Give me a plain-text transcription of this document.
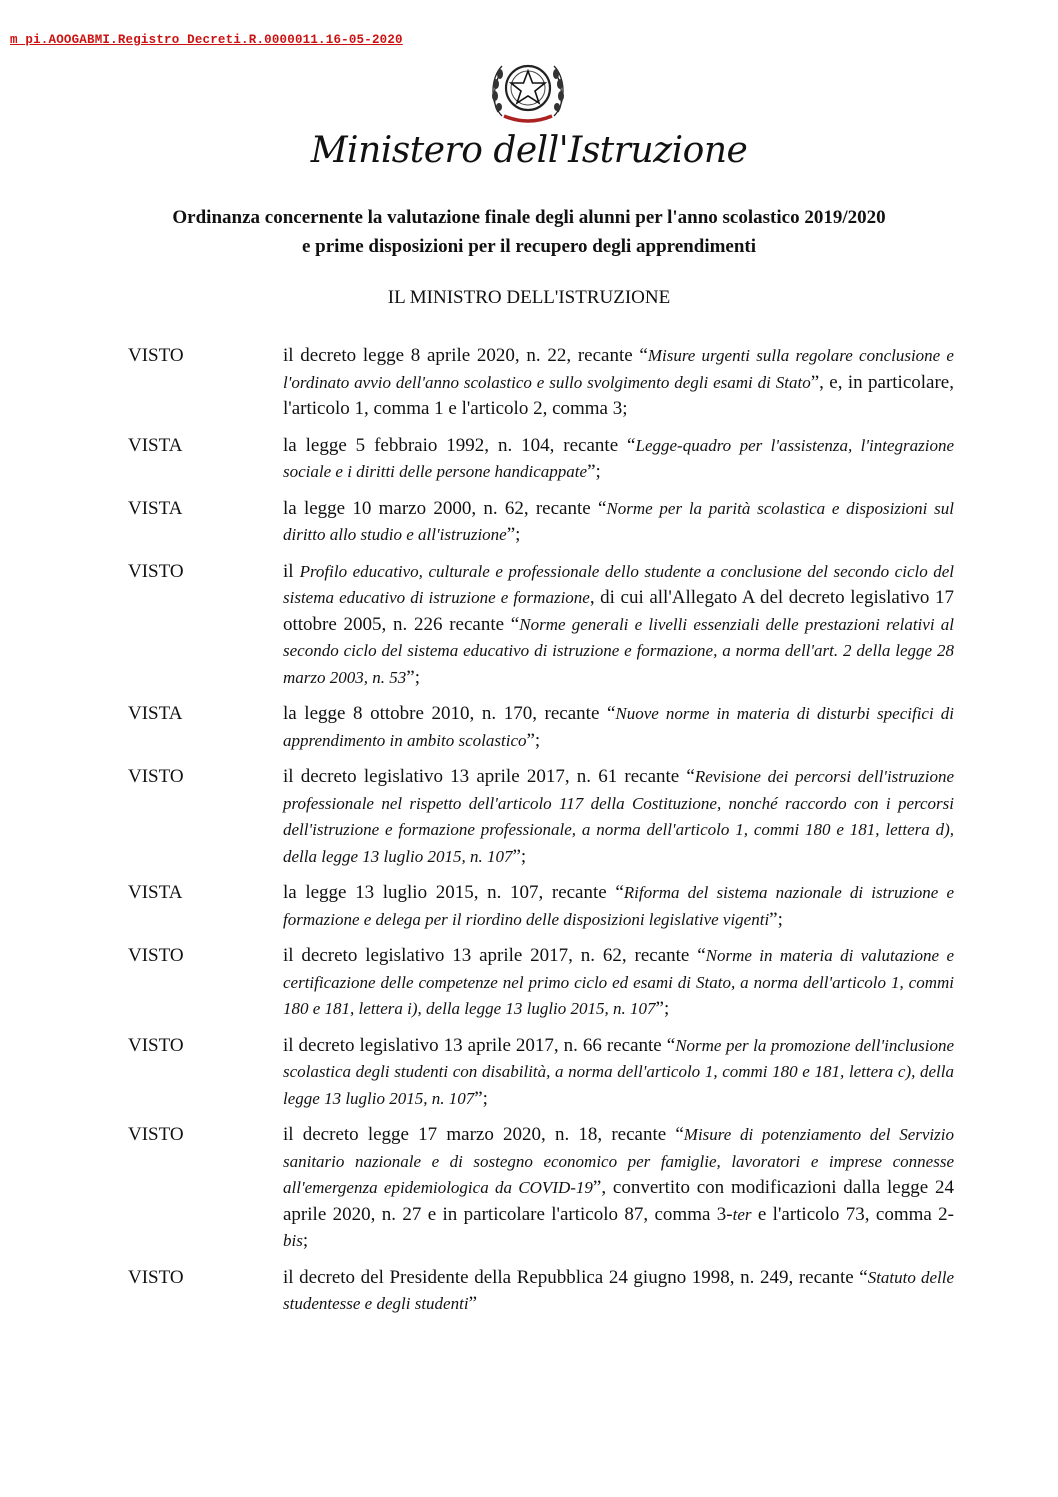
m_pi.AOOGABMI.Registro Decreti.R.0000011.16-05-2020
Ministero dell'Istruzione
Ordinanza concernente la valutazione finale degli alunni per l'anno scolastico 2019/2020
e prime disposizioni per il recupero degli apprendimenti
IL MINISTRO DELL'ISTRUZIONE
VISTO	il decreto legge 8 aprile 2020, n. 22, recante “Misure urgenti sulla regolare conclusione e l'ordinato avvio dell'anno scolastico e sullo svolgimento degli esami di Stato”, e, in particolare, l'articolo 1, comma 1 e l'articolo 2, comma 3;
VISTA	la legge 5 febbraio 1992, n. 104, recante “Legge-quadro per l'assistenza, l'integrazione sociale e i diritti delle persone handicappate”;
VISTA	la legge 10 marzo 2000, n. 62, recante “Norme per la parità scolastica e disposizioni sul diritto allo studio e all'istruzione”;
VISTO	il Profilo educativo, culturale e professionale dello studente a conclusione del secondo ciclo del sistema educativo di istruzione e formazione, di cui all'Allegato A del decreto legislativo 17 ottobre 2005, n. 226 recante “Norme generali e livelli essenziali delle prestazioni relativi al secondo ciclo del sistema educativo di istruzione e formazione, a norma dell'art. 2 della legge 28 marzo 2003, n. 53”;
VISTA	la legge 8 ottobre 2010, n. 170, recante “Nuove norme in materia di disturbi specifici di apprendimento in ambito scolastico”;
VISTO	il decreto legislativo 13 aprile 2017, n. 61 recante “Revisione dei percorsi dell'istruzione professionale nel rispetto dell'articolo 117 della Costituzione, nonché raccordo con i percorsi dell'istruzione e formazione professionale, a norma dell'articolo 1, commi 180 e 181, lettera d), della legge 13 luglio 2015, n. 107”;
VISTA	la legge 13 luglio 2015, n. 107, recante “Riforma del sistema nazionale di istruzione e formazione e delega per il riordino delle disposizioni legislative vigenti”;
VISTO	il decreto legislativo 13 aprile 2017, n. 62, recante “Norme in materia di valutazione e certificazione delle competenze nel primo ciclo ed esami di Stato, a norma dell'articolo 1, commi 180 e 181, lettera i), della legge 13 luglio 2015, n. 107”;
VISTO	il decreto legislativo 13 aprile 2017, n. 66 recante “Norme per la promozione dell'inclusione scolastica degli studenti con disabilità, a norma dell'articolo 1, commi 180 e 181, lettera c), della legge 13 luglio 2015, n. 107”;
VISTO	il decreto legge 17 marzo 2020, n. 18, recante “Misure di potenziamento del Servizio sanitario nazionale e di sostegno economico per famiglie, lavoratori e imprese connesse all'emergenza epidemiologica da COVID-19”, convertito con modificazioni dalla legge 24 aprile 2020, n. 27 e in particolare l'articolo 87, comma 3-ter e l'articolo 73, comma 2-bis;
VISTO	il decreto del Presidente della Repubblica 24 giugno 1998, n. 249, recante “Statuto delle studentesse e degli studenti”
